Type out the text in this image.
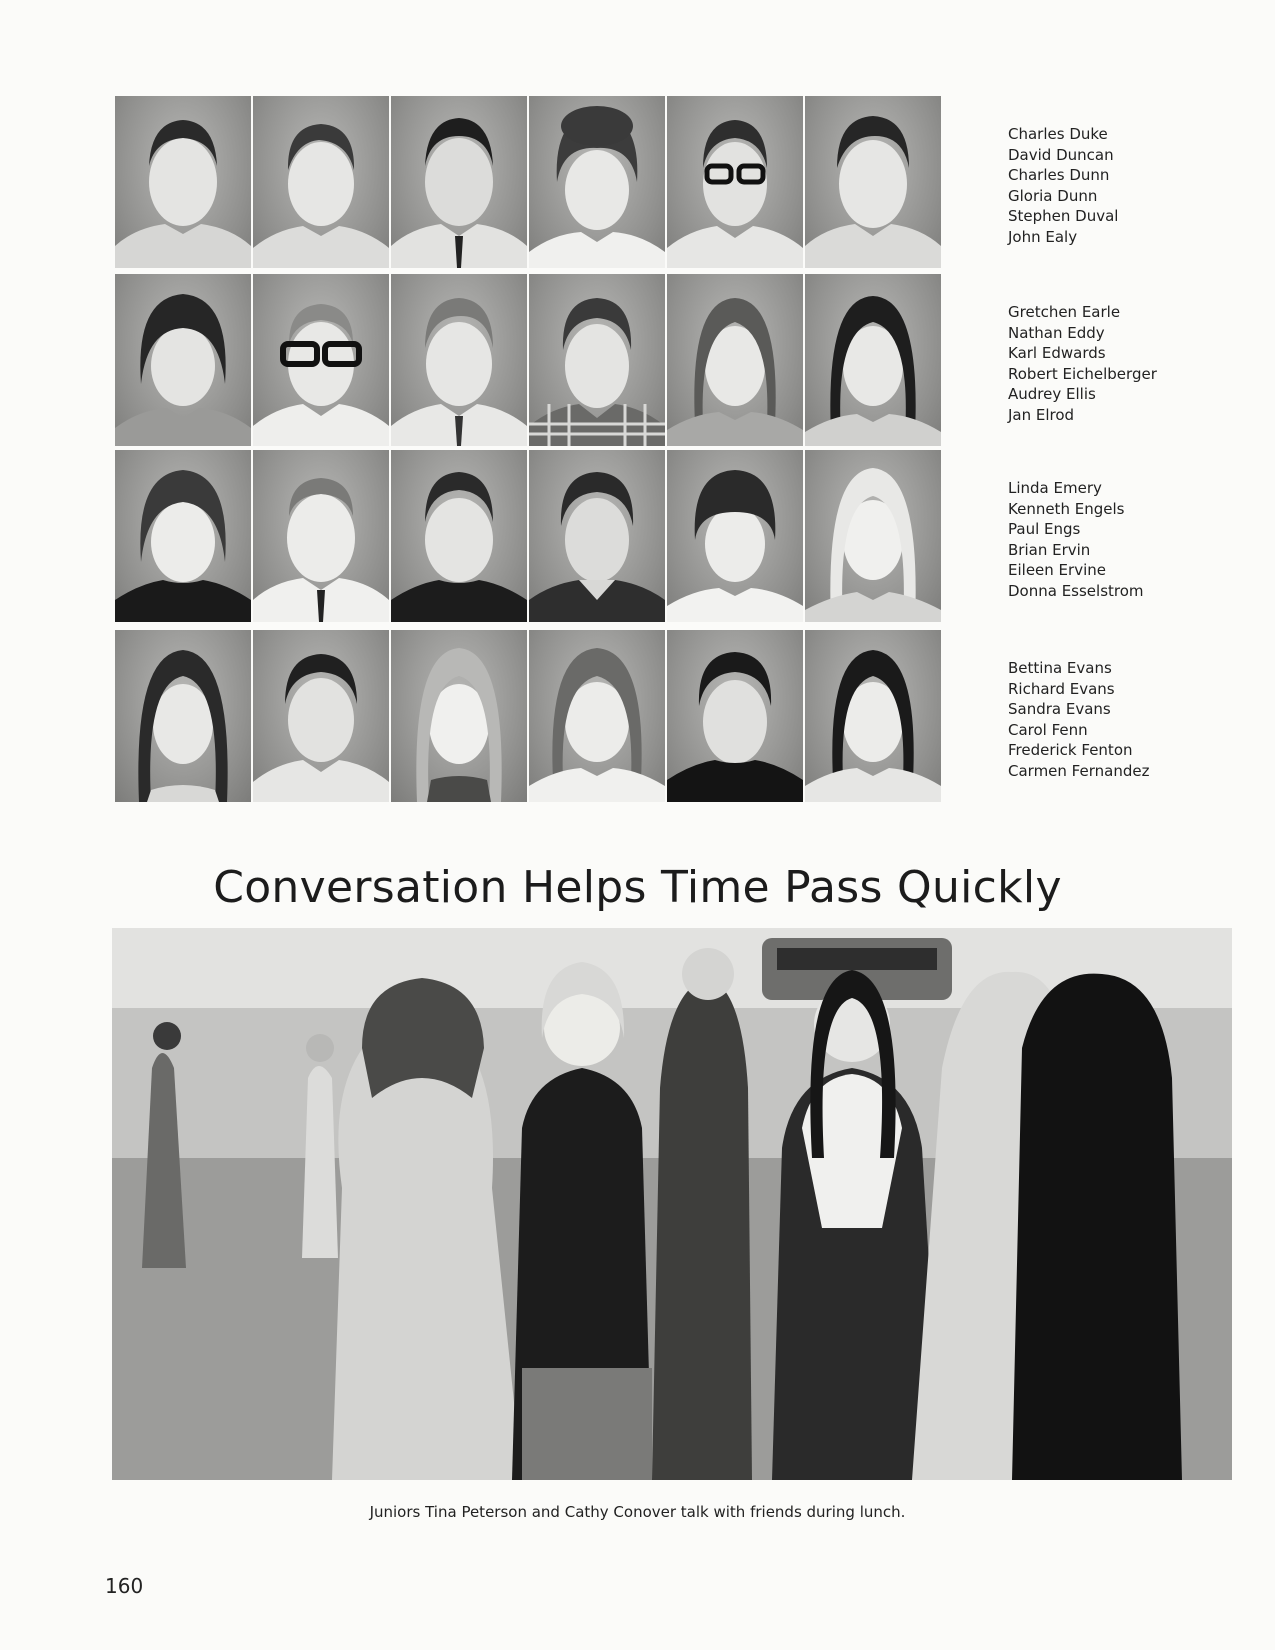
Charles Duke
David Duncan
Charles Dunn
Gloria Dunn
Stephen Duval
John Ealy
Gretchen Earle
Nathan Eddy
Karl Edwards
Robert Eichelberger
Audrey Ellis
Jan Elrod
Linda Emery
Kenneth Engels
Paul Engs
Brian Ervin
Eileen Ervine
Donna Esselstrom
Bettina Evans
Richard Evans
Sandra Evans
Carol Fenn
Frederick Fenton
Carmen Fernandez
Conversation Helps Time Pass Quickly
Juniors Tina Peterson and Cathy Conover talk with friends during lunch.
160
